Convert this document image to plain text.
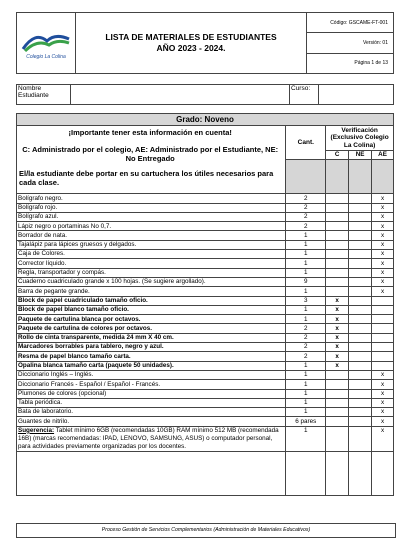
Colegio La Colina

LISTA DE MATERIALES DE ESTUDIANTES
AÑO 2023 - 2024.
	Código: GSCAME-FT-001
Versión: 01
Página 1 de 13
Nombre Estudiante		Curso:	
Grado: Noveno				

¡Importante tener esta información en cuenta!
C: Administrado por el colegio, AE: Administrado por el Estudiante, NE: No Entregado
El/la estudiante debe portar en su cartuchera los útiles necesarios para cada clase.	Cant.	Verificación (Exclusivo Colegio La Colina)		
		C	NE	AE

Bolígrafo negro.	2			x
Bolígrafo rojo.	2			x
Bolígrafo azul.	2			x
Lápiz negro o portaminas No 0,7.	2			x
Borrador de nata.	1			x
Tajalápiz para lápices gruesos y delgados.	1			x
Caja de Colores.	1			x
Corrector líquido.	1			x
Regla, transportador y compás.	1			x
Cuaderno cuadriculado grande x 100 hojas. (Se sugiere argollado).	9			x
Barra de pegante grande.	1			x
Block de papel cuadriculado tamaño oficio.	3	x		
Block de papel blanco tamaño oficio.	1	x		
Paquete de cartulina blanca por octavos.	1	x		
Paquete de cartulina de colores por octavos.	2	x		
Rollo de cinta transparente, medida 24 mm X 40 cm.	2	x		
Marcadores borrables para tablero, negro y azul.	2	x		
Resma de papel blanco tamaño carta.	2	x		
Opalina blanca tamaño carta (paquete 50 unidades).	1	x		
Diccionario Inglés – Inglés.	1			x
Diccionario Francés - Español / Español - Francés.	1			x
Plumones de colores (opcional)	1			x
Tabla periódica.	1			x
Bata de laboratorio.	1			x
Guantes de nitrilo.	6 pares			x
Sugerencia: Tablet mínimo 6GB (recomendadas 10GB) RAM mínimo 512 MB (recomendada 16B) (marcas recomendadas: IPAD, LENOVO, SAMSUNG, ASUS) o computador personal, para actividades previamente organizadas por los docentes.	1			x

Proceso Gestión de Servicios Complementarios (Administración de Materiales Educativos)
